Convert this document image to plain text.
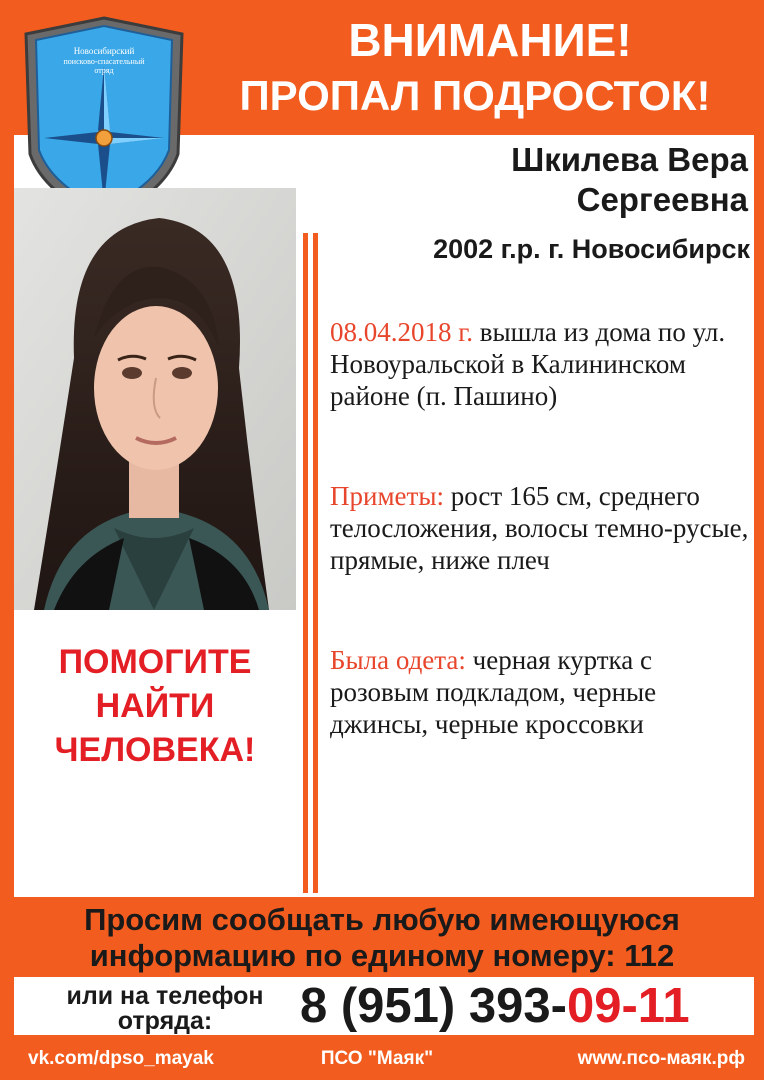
ВНИМАНИЕ!
ПРОПАЛ ПОДРОСТОК!
Новосибирский
поисково-спасательный
отряд
Шкилева Вера
Сергеевна
2002 г.р. г. Новосибирск
ПОМОГИТЕ
НАЙТИ
ЧЕЛОВЕКА!
08.04.2018 г. вышла из дома по ул. Новоуральской в Калининском районе (п. Пашино)
Приметы: рост 165 см, среднего телосложения, волосы темно-русые, прямые, ниже плеч
Была одета: черная куртка с розовым подкладом, черные джинсы, черные кроссовки
Просим сообщать любую имеющуюся
информацию по единому номеру: 112
или на телефон
отряда:	8 (951) 393-09-11
vk.com/dpso_mayak	ПСО "Маяк"	www.псо-маяк.рф
